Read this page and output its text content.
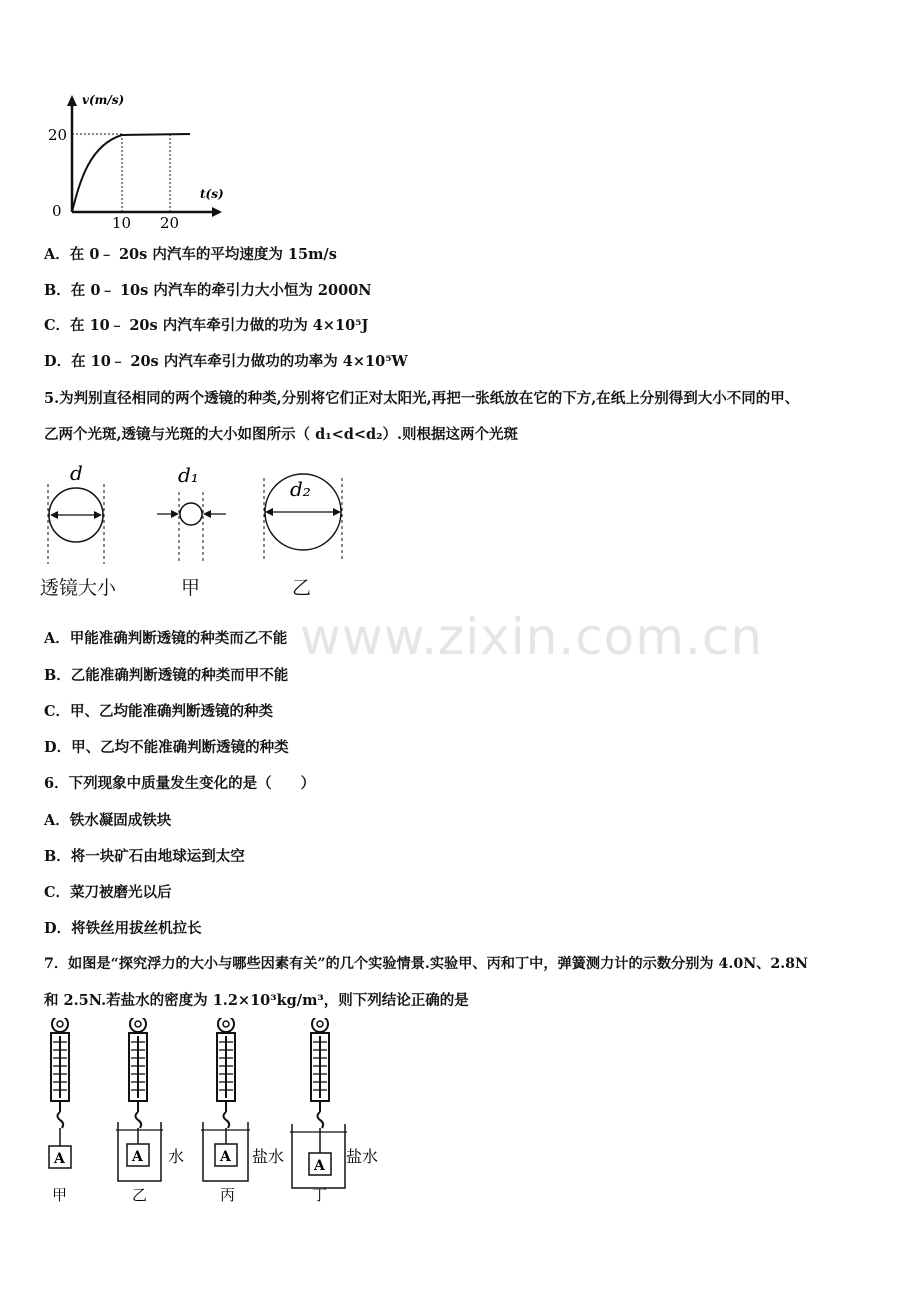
v(m/s)
t(s)
20
0
10 20
A．在 0﹣ 20s 内汽车的平均速度为 15m/s
B．在 0﹣ 10s 内汽车的牵引力大小恒为 2000N
C．在 10﹣ 20s 内汽车牵引力做的功为 4×10⁵J
D．在 10﹣ 20s 内汽车牵引力做功的功率为 4×10⁵W
5.为判别直径相同的两个透镜的种类,分别将它们正对太阳光,再把一张纸放在它的下方,在纸上分别得到大小不同的甲、
乙两个光斑,透镜与光斑的大小如图所示（ d₁<d<d₂）.则根据这两个光斑
d	d₁
d₂
透镜大小	甲	乙
www.zixin.com.cn
A．甲能准确判断透镜的种类而乙不能
B．乙能准确判断透镜的种类而甲不能
C．甲、乙均能准确判断透镜的种类
D．甲、乙均不能准确判断透镜的种类
6．下列现象中质量发生变化的是（　　）
A．铁水凝固成铁块
B．将一块矿石由地球运到太空
C．菜刀被磨光以后
D．将铁丝用拔丝机拉长
7．如图是“探究浮力的大小与哪些因素有关”的几个实验情景.实验甲、丙和丁中，弹簧测力计的示数分别为 4.0N、2.8N
和 2.5N.若盐水的密度为 1.2×10³kg/m³，则下列结论正确的是
A	A	A
A
水	盐水	盐水
甲	乙	丙	丁
